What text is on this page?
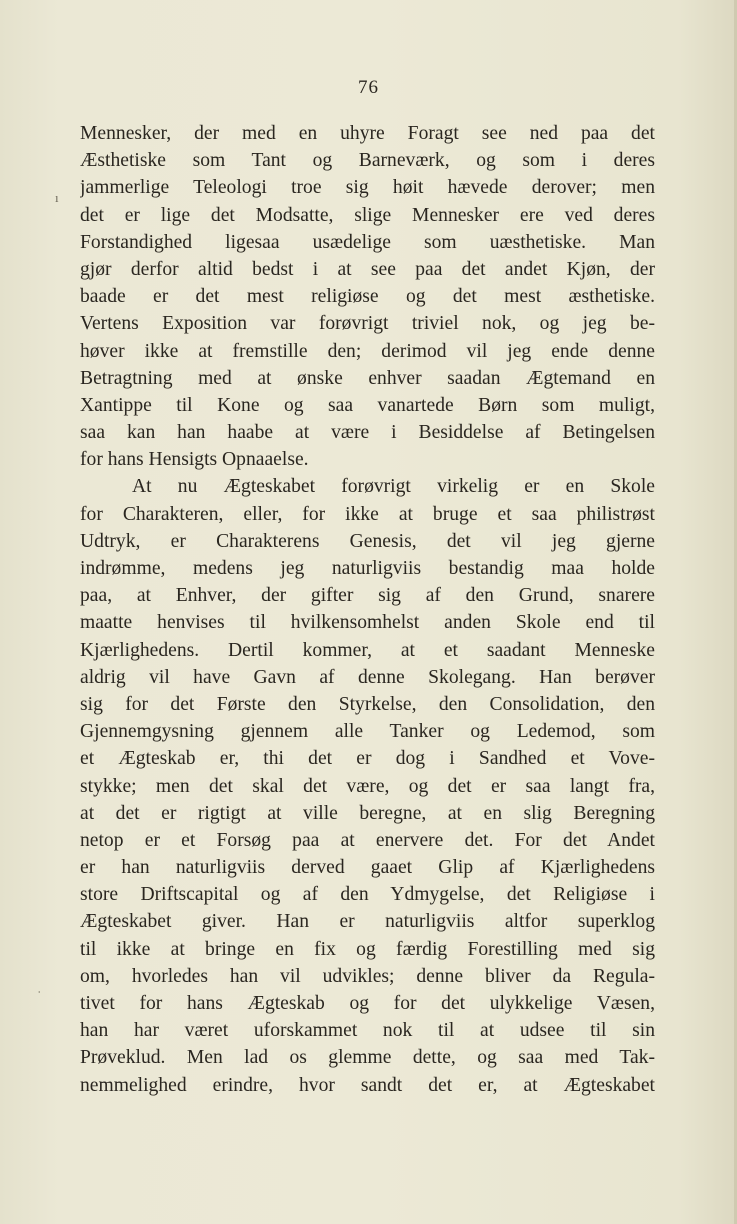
76
ı
ˌ
Mennesker, der med en uhyre Foragt see ned paa det
Æsthetiske som Tant og Barneværk, og som i deres
jammerlige Teleologi troe sig høit hævede derover; men
det er lige det Modsatte, slige Mennesker ere ved deres
Forstandighed ligesaa usædelige som uæsthetiske. Man
gjør derfor altid bedst i at see paa det andet Kjøn, der
baade er det mest religiøse og det mest æsthetiske.
Vertens Exposition var forøvrigt triviel nok, og jeg be-
høver ikke at fremstille den; derimod vil jeg ende denne
Betragtning med at ønske enhver saadan Ægtemand en
Xantippe til Kone og saa vanartede Børn som muligt,
saa kan han haabe at være i Besiddelse af Betingelsen
for hans Hensigts Opnaaelse.
At nu Ægteskabet forøvrigt virkelig er en Skole
for Charakteren, eller, for ikke at bruge et saa philistrøst
Udtryk, er Charakterens Genesis, det vil jeg gjerne
indrømme, medens jeg naturligviis bestandig maa holde
paa, at Enhver, der gifter sig af den Grund, snarere
maatte henvises til hvilkensomhelst anden Skole end til
Kjærlighedens. Dertil kommer, at et saadant Menneske
aldrig vil have Gavn af denne Skolegang. Han berøver
sig for det Første den Styrkelse, den Consolidation, den
Gjennemgysning gjennem alle Tanker og Ledemod, som
et Ægteskab er, thi det er dog i Sandhed et Vove-
stykke; men det skal det være, og det er saa langt fra,
at det er rigtigt at ville beregne, at en slig Beregning
netop er et Forsøg paa at enervere det. For det Andet
er han naturligviis derved gaaet Glip af Kjærlighedens
store Driftscapital og af den Ydmygelse, det Religiøse i
Ægteskabet giver. Han er naturligviis altfor superklog
til ikke at bringe en fix og færdig Forestilling med sig
om, hvorledes han vil udvikles; denne bliver da Regula-
tivet for hans Ægteskab og for det ulykkelige Væsen,
han har været uforskammet nok til at udsee til sin
Prøveklud. Men lad os glemme dette, og saa med Tak-
nemmelighed erindre, hvor sandt det er, at Ægteskabet
